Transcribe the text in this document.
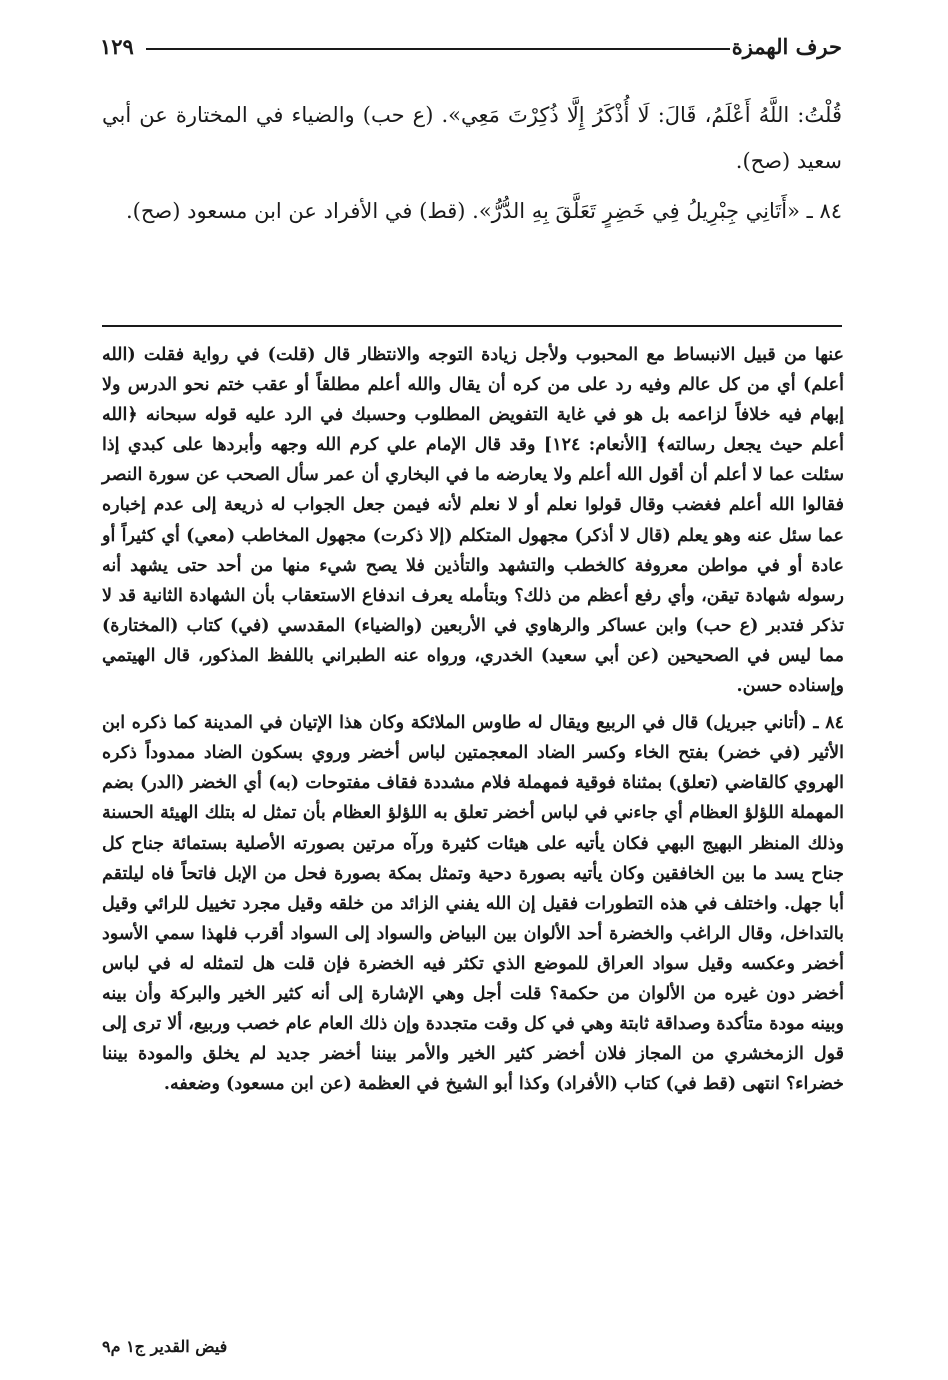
حرف الهمزة
١٢٩

قُلْتُ: اللَّهُ أَعْلَمُ، قَالَ: لَا أُذْكَرُ إِلَّا ذُكِرْتَ مَعِي». (ع حب) والضياء في المختارة عن أبي سعيد (صح).

٨٤ ـ «أَتَانِي جِبْرِيلُ فِي خَضِرٍ تَعَلَّقَ بِهِ الدُّرُّ». (قط) في الأفراد عن ابن مسعود (صح).

عنها من قبيل الانبساط مع المحبوب ولأجل زيادة التوجه والانتظار قال (قلت) في رواية فقلت (الله أعلم) أي من كل عالم وفيه رد على من كره أن يقال والله أعلم مطلقاً أو عقب ختم نحو الدرس ولا إبهام فيه خلافاً لزاعمه بل هو في غاية التفويض المطلوب وحسبك في الرد عليه قوله سبحانه ﴿الله أعلم حيث يجعل رسالته﴾ [الأنعام: ١٢٤] وقد قال الإمام علي كرم الله وجهه وأبردها على كبدي إذا سئلت عما لا أعلم أن أقول الله أعلم ولا يعارضه ما في البخاري أن عمر سأل الصحب عن سورة النصر فقالوا الله أعلم فغضب وقال قولوا نعلم أو لا نعلم لأنه فيمن جعل الجواب له ذريعة إلى عدم إخباره عما سئل عنه وهو يعلم (قال لا أذكر) مجهول المتكلم (إلا ذكرت) مجهول المخاطب (معي) أي كثيراً أو عادة أو في مواطن معروفة كالخطب والتشهد والتأذين فلا يصح شيء منها من أحد حتى يشهد أنه رسوله شهادة تيقن، وأي رفع أعظم من ذلك؟ وبتأمله يعرف اندفاع الاستعقاب بأن الشهادة الثانية قد لا تذكر فتدبر (ع حب) وابن عساكر والرهاوي في الأربعين (والضياء) المقدسي (في) كتاب (المختارة) مما ليس في الصحيحين (عن أبي سعيد) الخدري، ورواه عنه الطبراني باللفظ المذكور، قال الهيتمي وإسناده حسن.

٨٤ ـ (أتاني جبريل) قال في الربيع ويقال له طاوس الملائكة وكان هذا الإتيان في المدينة كما ذكره ابن الأثير (في خضر) بفتح الخاء وكسر الضاد المعجمتين لباس أخضر وروي بسكون الضاد ممدوداً ذكره الهروي كالقاضي (تعلق) بمثناة فوقية فمهملة فلام مشددة فقاف مفتوحات (به) أي الخضر (الدر) بضم المهملة اللؤلؤ العظام أي جاءني في لباس أخضر تعلق به اللؤلؤ العظام بأن تمثل له بتلك الهيئة الحسنة وذلك المنظر البهيج البهي فكان يأتيه على هيئات كثيرة ورآه مرتين بصورته الأصلية بستمائة جناح كل جناح يسد ما بين الخافقين وكان يأتيه بصورة دحية وتمثل بمكة بصورة فحل من الإبل فاتحاً فاه ليلتقم أبا جهل. واختلف في هذه التطورات فقيل إن الله يفني الزائد من خلقه وقيل مجرد تخييل للرائي وقيل بالتداخل، وقال الراغب والخضرة أحد الألوان بين البياض والسواد إلى السواد أقرب فلهذا سمي الأسود أخضر وعكسه وقيل سواد العراق للموضع الذي تكثر فيه الخضرة فإن قلت هل لتمثله له في لباس أخضر دون غيره من الألوان من حكمة؟ قلت أجل وهي الإشارة إلى أنه كثير الخير والبركة وأن بينه وبينه مودة متأكدة وصداقة ثابتة وهي في كل وقت متجددة وإن ذلك العام عام خصب وربيع، ألا ترى إلى قول الزمخشري من المجاز فلان أخضر كثير الخير والأمر بيننا أخضر جديد لم يخلق والمودة بيننا خضراء؟ انتهى (قط في) كتاب (الأفراد) وكذا أبو الشيخ في العظمة (عن ابن مسعود) وضعفه.

فيض القدير ج١ م٩
